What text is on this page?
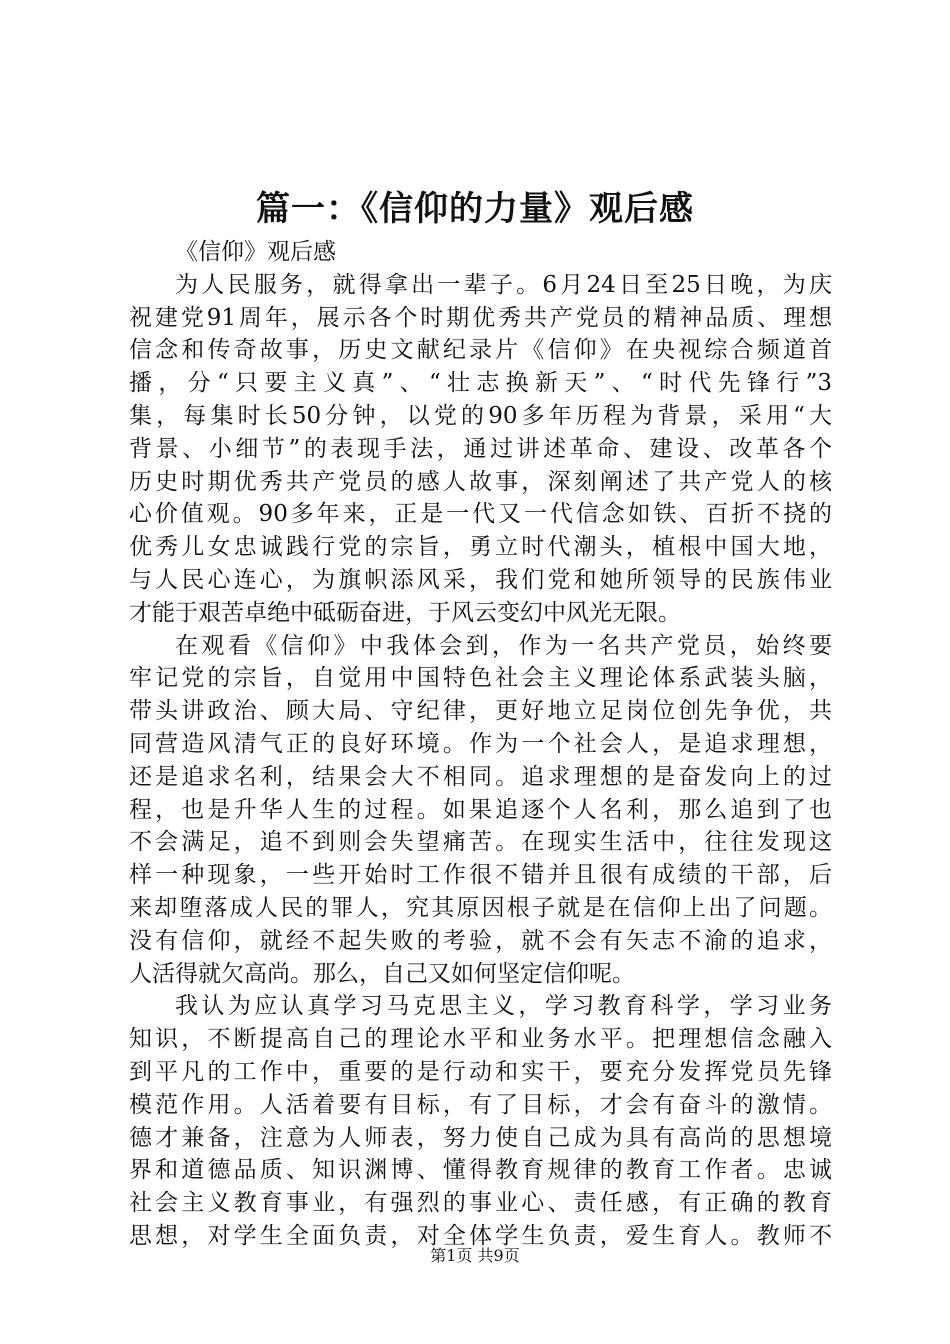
篇一：《信仰的力量》观后感
《信仰》观后感
为人民服务，就得拿出一辈子。6月24日至25日晚，为庆
祝建党91周年，展示各个时期优秀共产党员的精神品质、理想
信念和传奇故事，历史文献纪录片《信仰》在央视综合频道首
播，分“只要主义真”、“壮志换新天”、“时代先锋行”3
集，每集时长50分钟，以党的90多年历程为背景，采用“大
背景、小细节”的表现手法，通过讲述革命、建设、改革各个
历史时期优秀共产党员的感人故事，深刻阐述了共产党人的核
心价值观。90多年来，正是一代又一代信念如铁、百折不挠的
优秀儿女忠诚践行党的宗旨，勇立时代潮头，植根中国大地，
与人民心连心，为旗帜添风采，我们党和她所领导的民族伟业
才能于艰苦卓绝中砥砺奋进，于风云变幻中风光无限。
在观看《信仰》中我体会到，作为一名共产党员，始终要
牢记党的宗旨，自觉用中国特色社会主义理论体系武装头脑，
带头讲政治、顾大局、守纪律，更好地立足岗位创先争优，共
同营造风清气正的良好环境。作为一个社会人，是追求理想，
还是追求名利，结果会大不相同。追求理想的是奋发向上的过
程，也是升华人生的过程。如果追逐个人名利，那么追到了也
不会满足，追不到则会失望痛苦。在现实生活中，往往发现这
样一种现象，一些开始时工作很不错并且很有成绩的干部，后
来却堕落成人民的罪人，究其原因根子就是在信仰上出了问题。
没有信仰，就经不起失败的考验，就不会有矢志不渝的追求，
人活得就欠高尚。那么，自己又如何坚定信仰呢。
我认为应认真学习马克思主义，学习教育科学，学习业务
知识，不断提高自己的理论水平和业务水平。把理想信念融入
到平凡的工作中，重要的是行动和实干，要充分发挥党员先锋
模范作用。人活着要有目标，有了目标，才会有奋斗的激情。
德才兼备，注意为人师表，努力使自己成为具有高尚的思想境
界和道德品质、知识渊博、懂得教育规律的教育工作者。忠诚
社会主义教育事业，有强烈的事业心、责任感，有正确的教育
思想，对学生全面负责，对全体学生负责，爱生育人。教师不
第1页 共9页
